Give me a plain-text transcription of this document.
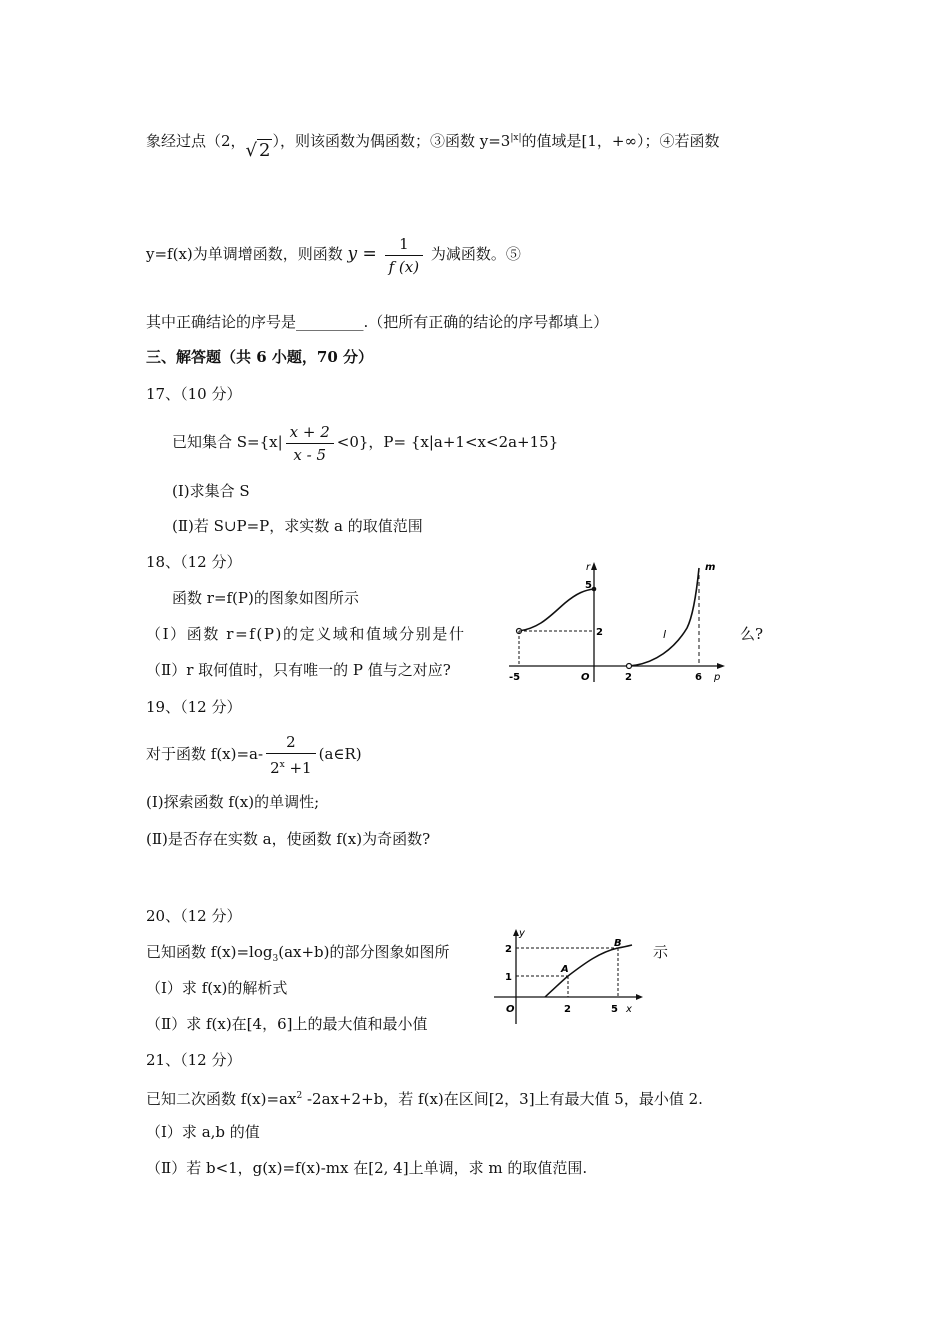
象经过点（2，√ 2 ），则该函数为偶函数；③函数 $y=3^{|x|}$的值域是[1，+∞）；④若函数
y=f(x)为单调增函数，则函数 $y = \frac{1}{f (x)}$ 为减函数。⑤
其中正确结论的序号是_________.（把所有正确的结论的序号都填上）
三、解答题（共 6 小题，70 分）
17、（10 分）
已知集合 $S=\{x| \frac{x + 2}{x - 5} <0\}$，P= {x|a+1<x<2a+15}
(Ⅰ)求集合 S
(Ⅱ)若 S∪P=P，求实数 a 的取值范围
18、（12 分）
函数 r=f(P)的图象如图所示
（Ⅰ）函数 r=f(P)的定义域和值域分别是什	么?
（Ⅱ）r 取何值时，只有唯一的 P 值与之对应?
r
p
5
2
-5	O	2	6
l
m
19、（12 分）
对于函数 $f(x)=a- \frac{2}{2^x +1}$ (a∈R)
(Ⅰ)探索函数 f(x)的单调性;
(Ⅱ)是否存在实数 a，使函数 f(x)为奇函数?
20、（12 分）
已知函数 $f(x)=\log_3(ax+b)$的部分图象如图所	示
（Ⅰ）求 f(x)的解析式
（Ⅱ）求 f(x)在[4，6]上的最大值和最小值
y
x
2
1
O	2	5
A
B
21、（12 分）
已知二次函数 $f(x)=ax^2$ -2ax+2+b，若 f(x)在区间[2，3]上有最大值 5，最小值 2.
（Ⅰ）求 a,b 的值
（Ⅱ）若 b<1，g(x)=f(x)-mx 在[2, 4]上单调，求 m 的取值范围.
